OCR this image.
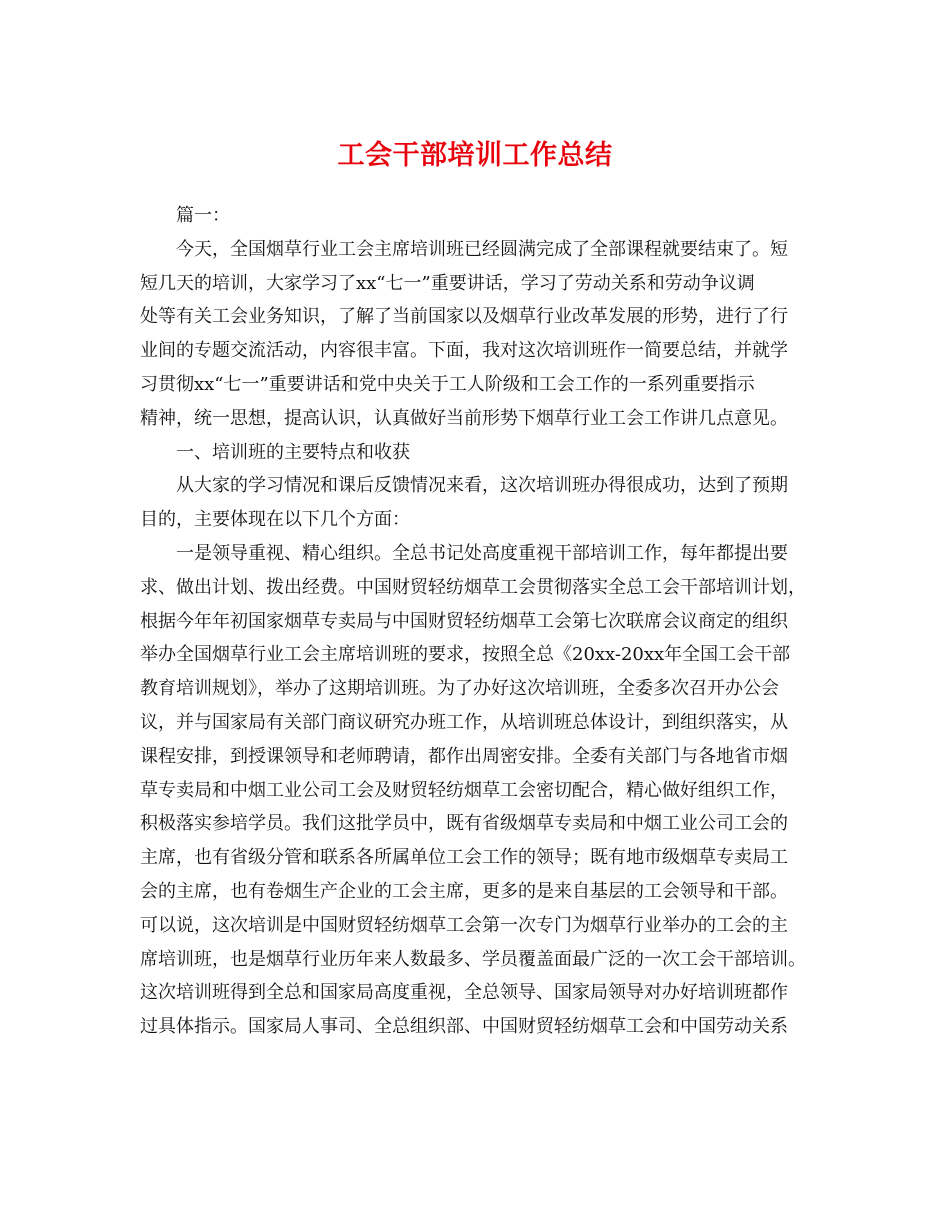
工会干部培训工作总结
篇一：
今天，全国烟草行业工会主席培训班已经圆满完成了全部课程就要结束了。短
短几天的培训，大家学习了xx“七一”重要讲话，学习了劳动关系和劳动争议调
处等有关工会业务知识，了解了当前国家以及烟草行业改革发展的形势，进行了行
业间的专题交流活动，内容很丰富。下面，我对这次培训班作一简要总结，并就学
习贯彻xx“七一”重要讲话和党中央关于工人阶级和工会工作的一系列重要指示
精神，统一思想，提高认识，认真做好当前形势下烟草行业工会工作讲几点意见。
一、培训班的主要特点和收获
从大家的学习情况和课后反馈情况来看，这次培训班办得很成功，达到了预期
目的，主要体现在以下几个方面：
一是领导重视、精心组织。全总书记处高度重视干部培训工作，每年都提出要
求、做出计划、拨出经费。中国财贸轻纺烟草工会贯彻落实全总工会干部培训计划，
根据今年年初国家烟草专卖局与中国财贸轻纺烟草工会第七次联席会议商定的组织
举办全国烟草行业工会主席培训班的要求，按照全总《20xx-20xx年全国工会干部
教育培训规划》，举办了这期培训班。为了办好这次培训班，全委多次召开办公会
议，并与国家局有关部门商议研究办班工作，从培训班总体设计，到组织落实，从
课程安排，到授课领导和老师聘请，都作出周密安排。全委有关部门与各地省市烟
草专卖局和中烟工业公司工会及财贸轻纺烟草工会密切配合，精心做好组织工作，
积极落实参培学员。我们这批学员中，既有省级烟草专卖局和中烟工业公司工会的
主席，也有省级分管和联系各所属单位工会工作的领导；既有地市级烟草专卖局工
会的主席，也有卷烟生产企业的工会主席，更多的是来自基层的工会领导和干部。
可以说，这次培训是中国财贸轻纺烟草工会第一次专门为烟草行业举办的工会的主
席培训班，也是烟草行业历年来人数最多、学员覆盖面最广泛的一次工会干部培训。
这次培训班得到全总和国家局高度重视，全总领导、国家局领导对办好培训班都作
过具体指示。国家局人事司、全总组织部、中国财贸轻纺烟草工会和中国劳动关系
